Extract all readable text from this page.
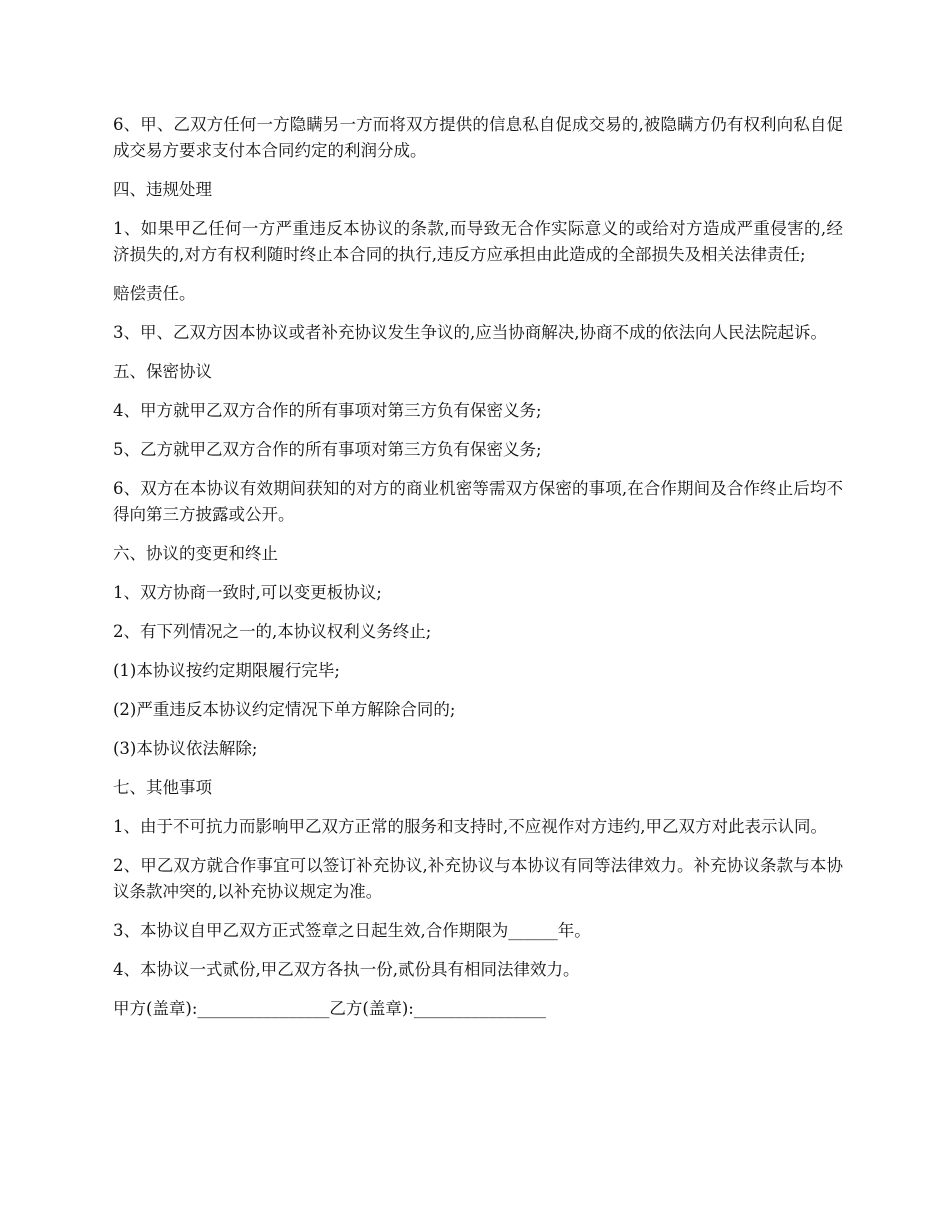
6、甲、乙双方任何一方隐瞒另一方而将双方提供的信息私自促成交易的,被隐瞒方仍有权利向私自促成交易方要求支付本合同约定的利润分成。

四、违规处理

1、如果甲乙任何一方严重违反本协议的条款,而导致无合作实际意义的或给对方造成严重侵害的,经济损失的,对方有权利随时终止本合同的执行,违反方应承担由此造成的全部损失及相关法律责任;

赔偿责任。

3、甲、乙双方因本协议或者补充协议发生争议的,应当协商解决,协商不成的依法向人民法院起诉。

五、保密协议

4、甲方就甲乙双方合作的所有事项对第三方负有保密义务;

5、乙方就甲乙双方合作的所有事项对第三方负有保密义务;

6、双方在本协议有效期间获知的对方的商业机密等需双方保密的事项,在合作期间及合作终止后均不得向第三方披露或公开。

六、协议的变更和终止

1、双方协商一致时,可以变更板协议;

2、有下列情况之一的,本协议权利义务终止;

(1)本协议按约定期限履行完毕;

(2)严重违反本协议约定情况下单方解除合同的;

(3)本协议依法解除;

七、其他事项

1、由于不可抗力而影响甲乙双方正常的服务和支持时,不应视作对方违约,甲乙双方对此表示认同。

2、甲乙双方就合作事宜可以签订补充协议,补充协议与本协议有同等法律效力。补充协议条款与本协议条款冲突的,以补充协议规定为准。

3、本协议自甲乙双方正式签章之日起生效,合作期限为______年。

4、本协议一式贰份,甲乙双方各执一份,贰份具有相同法律效力。

甲方(盖章):________________乙方(盖章):________________
